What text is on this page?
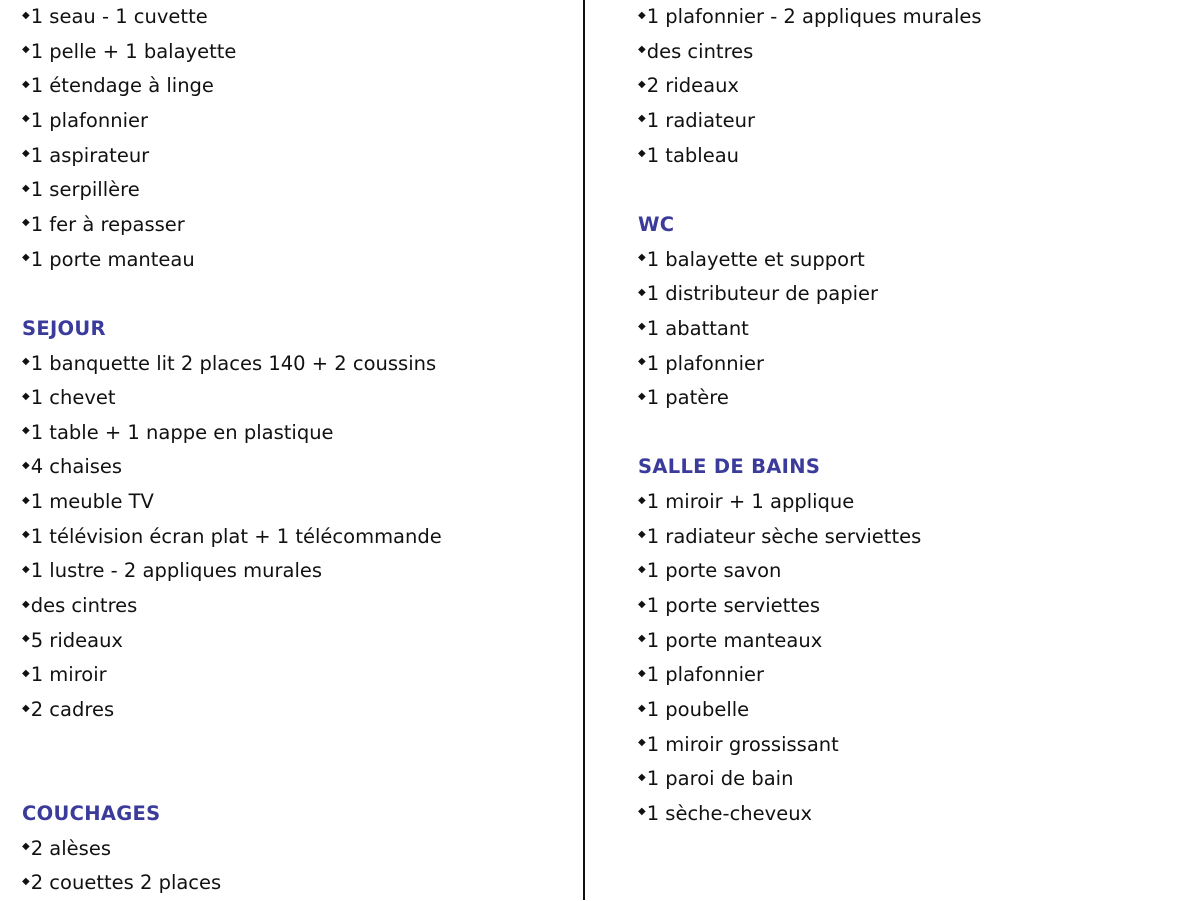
◆1 seau - 1 cuvette
◆1 pelle + 1 balayette
◆1 étendage à linge
◆1 plafonnier
◆1 aspirateur
◆1 serpillère
◆1 fer à repasser
◆1 porte manteau
SEJOUR
◆1 banquette lit 2 places 140 + 2 coussins
◆1 chevet
◆1 table + 1 nappe en plastique
◆4 chaises
◆1 meuble TV
◆1 télévision écran plat + 1 télécommande
◆1 lustre - 2 appliques murales
◆des cintres
◆5 rideaux
◆1 miroir
◆2 cadres
COUCHAGES
◆2 alèses
◆2 couettes 2 places
◆1 plafonnier - 2 appliques murales
◆des cintres
◆2 rideaux
◆1 radiateur
◆1 tableau
WC
◆1 balayette et support
◆1 distributeur de papier
◆1 abattant
◆1 plafonnier
◆1 patère
SALLE DE BAINS
◆1 miroir + 1 applique
◆1 radiateur sèche serviettes
◆1 porte savon
◆1 porte serviettes
◆1 porte manteaux
◆1 plafonnier
◆1 poubelle
◆1 miroir grossissant
◆1 paroi de bain
◆1 sèche-cheveux
